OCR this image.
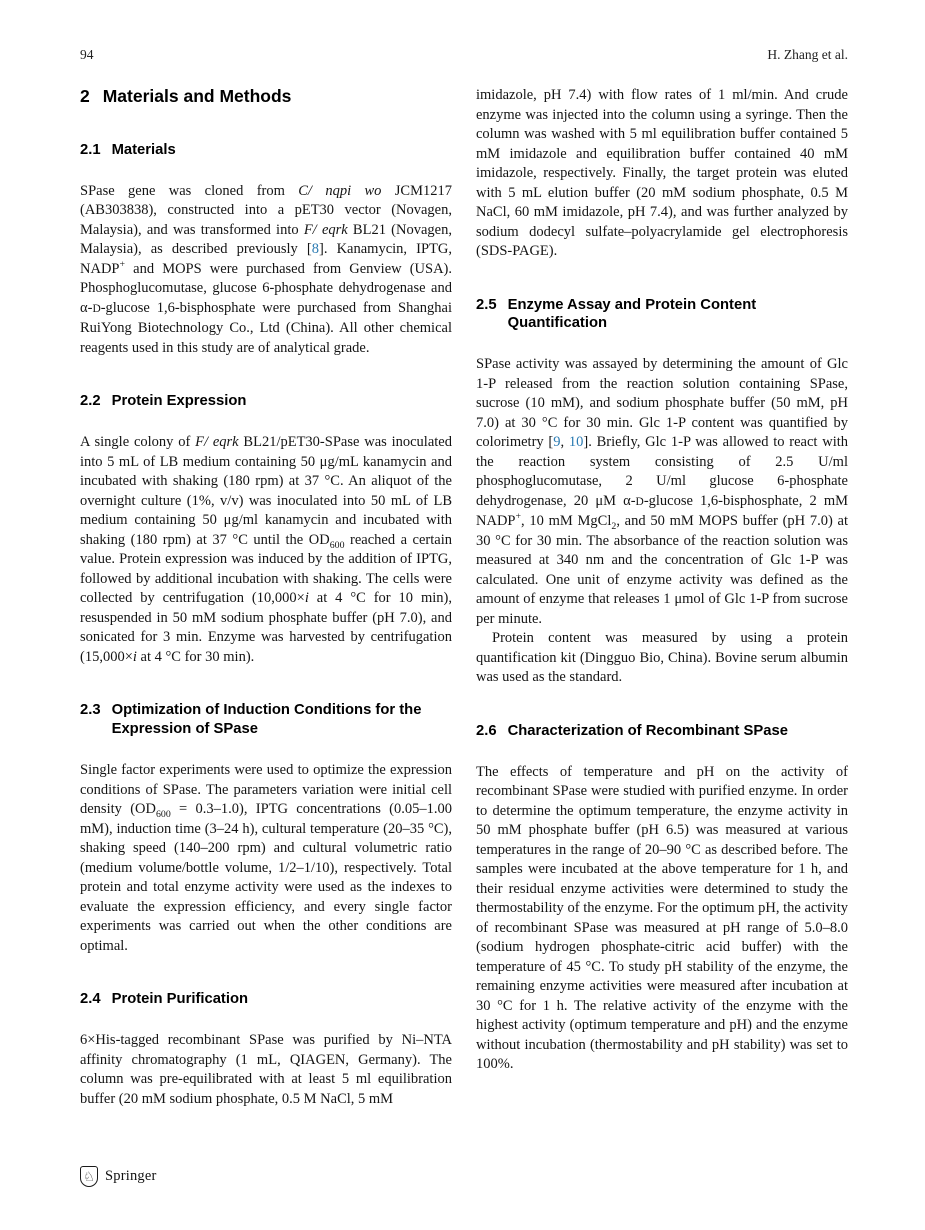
94	H. Zhang et al.
2 Materials and Methods
2.1 Materials

SPase gene was cloned from C/ nqpi wo JCM1217 (AB303838), constructed into a pET30 vector (Novagen, Malaysia), and was transformed into F/ eqrk BL21 (Novagen, Malaysia), as described previously [8]. Kanamycin, IPTG, NADP+ and MOPS were purchased from Genview (USA). Phosphoglucomutase, glucose 6-phosphate dehydrogenase and α-D-glucose 1,6-bisphosphate were purchased from Shanghai RuiYong Biotechnology Co., Ltd (China). All other chemical reagents used in this study are of analytical grade.

2.2 Protein Expression

A single colony of F/ eqrk BL21/pET30-SPase was inoculated into 5 mL of LB medium containing 50 μg/mL kanamycin and incubated with shaking (180 rpm) at 37 °C. An aliquot of the overnight culture (1%, v/v) was inoculated into 50 mL of LB medium containing 50 μg/ml kanamycin and incubated with shaking (180 rpm) at 37 °C until the $OD_{600}$ reached a certain value. Protein expression was induced by the addition of IPTG, followed by additional incubation with shaking. The cells were collected by centrifugation (10,000×i at 4 °C for 10 min), resuspended in 50 mM sodium phosphate buffer (pH 7.0), and sonicated for 3 min. Enzyme was harvested by centrifugation (15,000×i at 4 °C for 30 min).

2.3 Optimization of Induction Conditions for the Expression of SPase

Single factor experiments were used to optimize the expression conditions of SPase. The parameters variation were initial cell density $(OD_{600} = 0.3-1.0)$, IPTG concentrations (0.05–1.00 mM), induction time (3–24 h), cultural temperature (20–35 °C), shaking speed (140–200 rpm) and cultural volumetric ratio (medium volume/bottle volume, 1/2–1/10), respectively. Total protein and total enzyme activity were used as the indexes to evaluate the expression efficiency, and every single factor experiments was carried out when the other conditions are optimal.

2.4 Protein Purification

6×His-tagged recombinant SPase was purified by Ni–NTA affinity chromatography (1 mL, QIAGEN, Germany). The column was pre-equilibrated with at least 5 ml equilibration buffer (20 mM sodium phosphate, 0.5 M NaCl, 5 mM

imidazole, pH 7.4) with flow rates of 1 ml/min. And crude enzyme was injected into the column using a syringe. Then the column was washed with 5 ml equilibration buffer contained 5 mM imidazole and equilibration buffer contained 40 mM imidazole, respectively. Finally, the target protein was eluted with 5 mL elution buffer (20 mM sodium phosphate, 0.5 M NaCl, 60 mM imidazole, pH 7.4), and was further analyzed by sodium dodecyl sulfate–polyacrylamide gel electrophoresis (SDS-PAGE).

2.5 Enzyme Assay and Protein Content Quantification

SPase activity was assayed by determining the amount of Glc 1-P released from the reaction solution containing SPase, sucrose (10 mM), and sodium phosphate buffer (50 mM, pH 7.0) at 30 °C for 30 min. Glc 1-P content was quantified by colorimetry [9, 10]. Briefly, Glc 1-P was allowed to react with the reaction system consisting of 2.5 U/ml phosphoglucomutase, 2 U/ml glucose 6-phosphate dehydrogenase, 20 μM α-D-glucose 1,6-bisphosphate, 2 mM NADP+, 10 mM MgCl$_2$, and 50 mM MOPS buffer (pH 7.0) at 30 °C for 30 min. The absorbance of the reaction solution was measured at 340 nm and the concentration of Glc 1-P was calculated. One unit of enzyme activity was defined as the amount of enzyme that releases 1 μmol of Glc 1-P from sucrose per minute.

Protein content was measured by using a protein quantification kit (Dingguo Bio, China). Bovine serum albumin was used as the standard.

2.6 Characterization of Recombinant SPase

The effects of temperature and pH on the activity of recombinant SPase were studied with purified enzyme. In order to determine the optimum temperature, the enzyme activity in 50 mM phosphate buffer (pH 6.5) was measured at various temperatures in the range of 20–90 °C as described before. The samples were incubated at the above temperature for 1 h, and their residual enzyme activities were determined to study the thermostability of the enzyme. For the optimum pH, the activity of recombinant SPase was measured at pH range of 5.0–8.0 (sodium hydrogen phosphate-citric acid buffer) with the temperature of 45 °C. To study pH stability of the enzyme, the remaining enzyme activities were measured after incubation at 30 °C for 1 h. The relative activity of the enzyme with the highest activity (optimum temperature and pH) and the enzyme without incubation (thermostability and pH stability) was set to 100%.

♘ Springer
